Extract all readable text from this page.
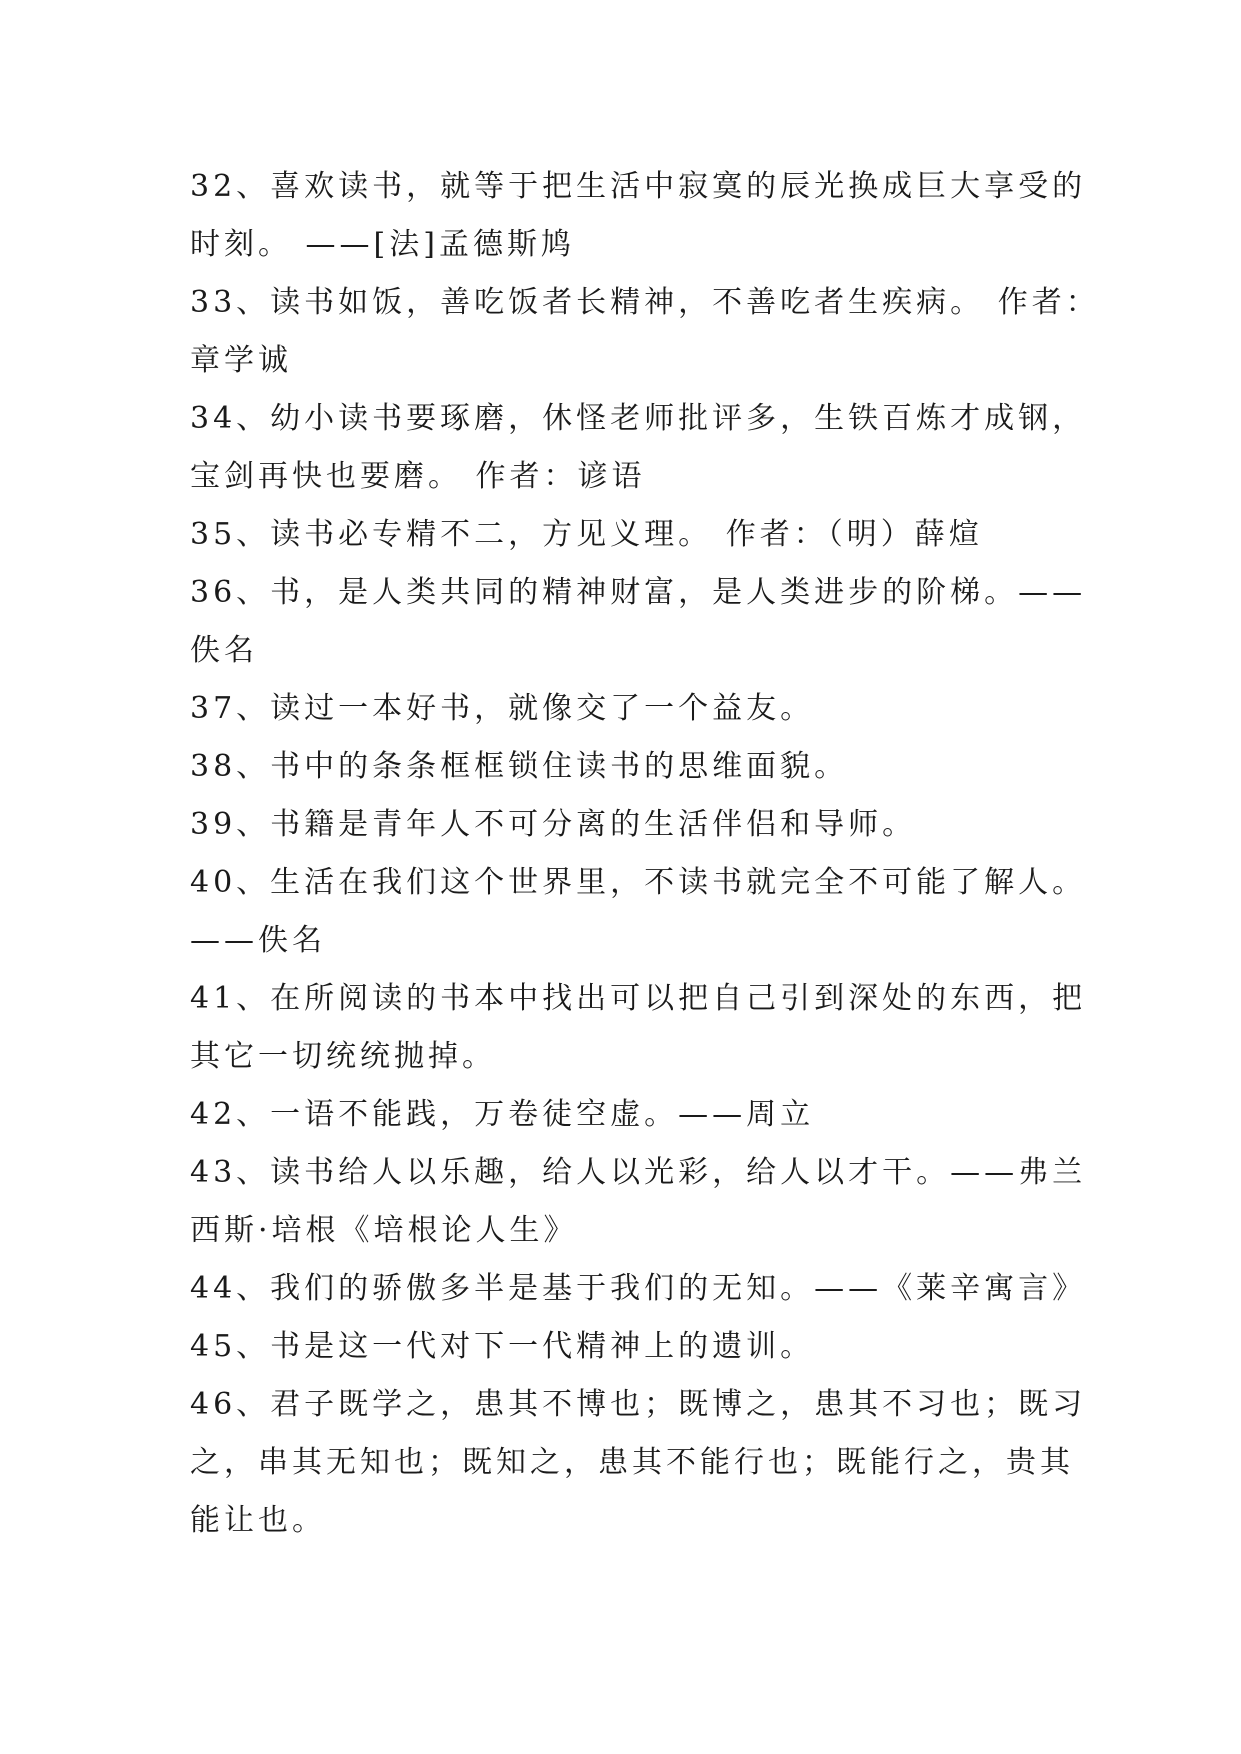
32、喜欢读书，就等于把生活中寂寞的辰光换成巨大享受的
时刻。 ——[法]孟德斯鸠
33、读书如饭，善吃饭者长精神，不善吃者生疾病。 作者：
章学诚
34、幼小读书要琢磨，休怪老师批评多，生铁百炼才成钢，
宝剑再快也要磨。 作者：谚语
35、读书必专精不二，方见义理。 作者：（明）薛煊
36、书，是人类共同的精神财富，是人类进步的阶梯。——
佚名
37、读过一本好书，就像交了一个益友。
38、书中的条条框框锁住读书的思维面貌。
39、书籍是青年人不可分离的生活伴侣和导师。
40、生活在我们这个世界里，不读书就完全不可能了解人。
——佚名
41、在所阅读的书本中找出可以把自己引到深处的东西，把
其它一切统统抛掉。
42、一语不能践，万卷徒空虚。——周立
43、读书给人以乐趣，给人以光彩，给人以才干。——弗兰
西斯·培根《培根论人生》
44、我们的骄傲多半是基于我们的无知。——《莱辛寓言》
45、书是这一代对下一代精神上的遗训。
46、君子既学之，患其不博也；既博之，患其不习也；既习
之，串其无知也；既知之，患其不能行也；既能行之，贵其
能让也。
